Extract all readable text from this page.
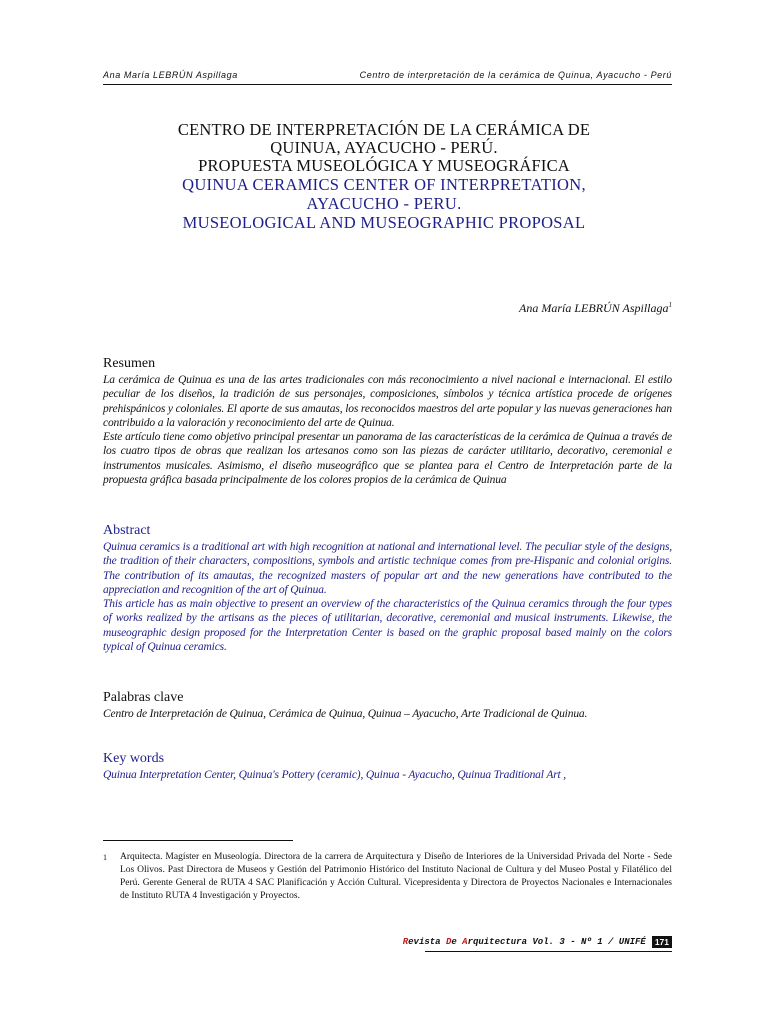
Ana María LEBRÚN Aspillaga	Centro de interpretación de la cerámica de Quinua, Ayacucho - Perú
CENTRO DE INTERPRETACIÓN DE LA CERÁMICA DE
QUINUA, AYACUCHO - PERÚ.
PROPUESTA MUSEOLÓGICA Y MUSEOGRÁFICA
QUINUA CERAMICS CENTER OF INTERPRETATION,
AYACUCHO - PERU.
MUSEOLOGICAL AND MUSEOGRAPHIC PROPOSAL
Ana María LEBRÚN Aspillaga$^1$
Resumen

La cerámica de Quinua es una de las artes tradicionales con más reconocimiento a nivel nacional e internacional. El estilo peculiar de los diseños, la tradición de sus personajes, composiciones, símbolos y técnica artística procede de orígenes prehispánicos y coloniales. El aporte de sus amautas, los reconocidos maestros del arte popular y las nuevas generaciones han contribuido a la valoración y reconocimiento del arte de Quinua.

Este artículo tiene como objetivo principal presentar un panorama de las características de la cerámica de Quinua a través de los cuatro tipos de obras que realizan los artesanos como son las piezas de carácter utilitario, decorativo, ceremonial e instrumentos musicales. Asimismo, el diseño museográfico que se plantea para el Centro de Interpretación parte de la propuesta gráfica basada principalmente de los colores propios de la cerámica de Quinua

Abstract

Quinua ceramics is a traditional art with high recognition at national and international level. The peculiar style of the designs, the tradition of their characters, compositions, symbols and artistic technique comes from pre-Hispanic and colonial origins. The contribution of its amautas, the recognized masters of popular art and the new generations have contributed to the appreciation and recognition of the art of Quinua.

This article has as main objective to present an overview of the characteristics of the Quinua ceramics through the four types of works realized by the artisans as the pieces of utilitarian, decorative, ceremonial and musical instruments. Likewise, the museographic design proposed for the Interpretation Center is based on the graphic proposal based mainly on the colors typical of Quinua ceramics.

Palabras clave

Centro de Interpretación de Quinua, Cerámica de Quinua, Quinua – Ayacucho, Arte Tradicional de Quinua.

Key words

Quinua Interpretation Center, Quinua's Pottery (ceramic), Quinua - Ayacucho, Quinua Traditional Art ,

1	Arquitecta. Magíster en Museología. Directora de la carrera de Arquitectura y Diseño de Interiores de la Universidad Privada del Norte - Sede Los Olivos. Past Directora de Museos y Gestión del Patrimonio Histórico del Instituto Nacional de Cultura y del Museo Postal y Filatélico del Perú. Gerente General de RUTA 4 SAC Planificación y Acción Cultural. Vicepresidenta y Directora de Proyectos Nacionales e Internacionales de Instituto RUTA 4 Investigación y Proyectos.
Revista De Arquitectura Vol. 3 - Nº 1 / UNIFÉ	171
